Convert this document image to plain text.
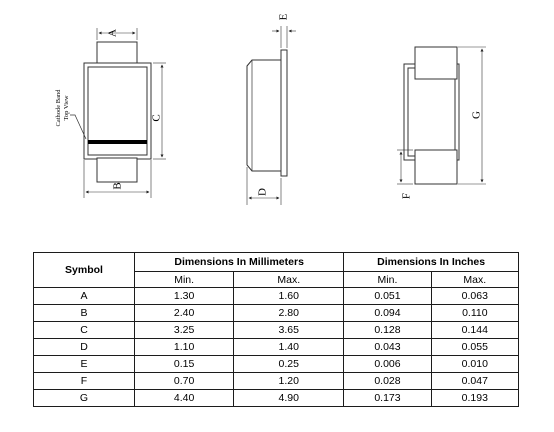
A
B
C
Cathode Band Top View
E
D
G
F
Symbol	Dimensions In Millimeters		Dimensions In Inches	
	Min.	Max.	Min.	Max.
A	1.30	1.60	0.051	0.063
B	2.40	2.80	0.094	0.110
C	3.25	3.65	0.128	0.144
D	1.10	1.40	0.043	0.055
E	0.15	0.25	0.006	0.010
F	0.70	1.20	0.028	0.047
G	4.40	4.90	0.173	0.193
